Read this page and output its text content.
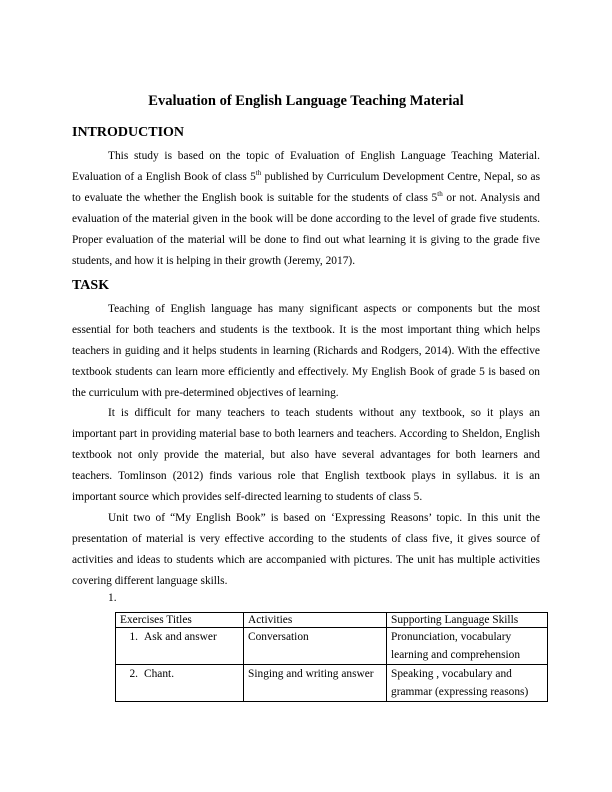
Evaluation of English Language Teaching Material
INTRODUCTION

This study is based on the topic of Evaluation of English Language Teaching Material. Evaluation of a English Book of class 5th published by Curriculum Development Centre, Nepal, so as to evaluate the whether the English book is suitable for the students of class 5th or not. Analysis and evaluation of the material given in the book will be done according to the level of grade five students. Proper evaluation of the material will be done to find out what learning it is giving to the grade five students, and how it is helping in their growth (Jeremy, 2017).

TASK

Teaching of English language has many significant aspects or components but the most essential for both teachers and students is the textbook. It is the most important thing which helps teachers in guiding and it helps students in learning (Richards and Rodgers, 2014). With the effective textbook students can learn more efficiently and effectively. My English Book of grade 5 is based on the curriculum with pre-determined objectives of learning.

It is difficult for many teachers to teach students without any textbook, so it plays an important part in providing material base to both learners and teachers. According to Sheldon, English textbook not only provide the material, but also have several advantages for both learners and teachers. Tomlinson (2012) finds various role that English textbook plays in syllabus. it is an important source which provides self-directed learning to students of class 5.

Unit two of “My English Book” is based on ‘Expressing Reasons’ topic. In this unit the presentation of material is very effective according to the students of class five, it gives source of activities and ideas to students which are accompanied with pictures. The unit has multiple activities covering different language skills.

1.
Exercises Titles	Activities	Supporting Language Skills
1. Ask and answer	Conversation	Pronunciation, vocabulary learning and comprehension
2. Chant.	Singing and writing answer	Speaking , vocabulary and grammar (expressing reasons)
